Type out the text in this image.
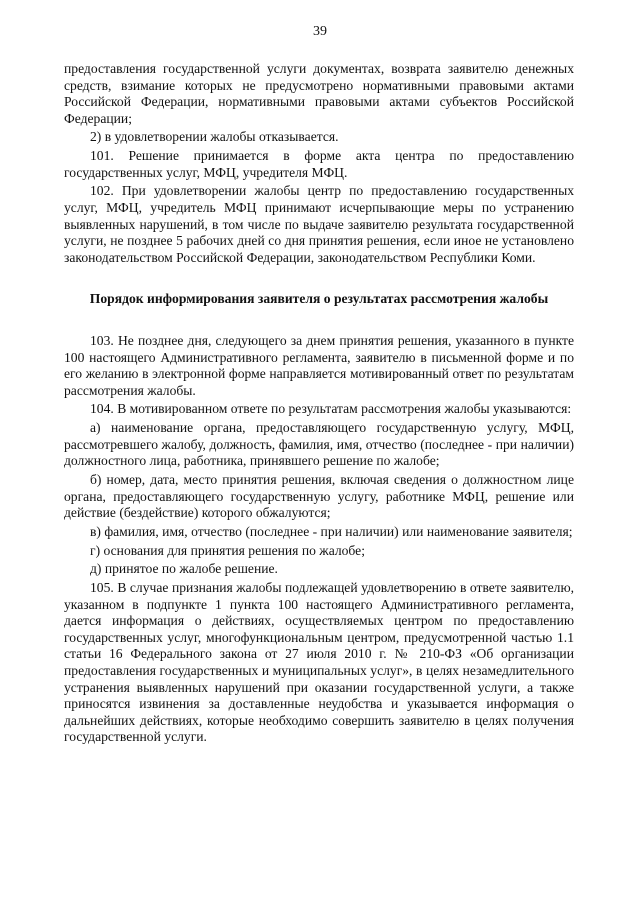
39

предоставления государственной услуги документах, возврата заявителю денежных средств, взимание которых не предусмотрено нормативными правовыми актами Российской Федерации, нормативными правовыми актами субъектов Российской Федерации;

2) в удовлетворении жалобы отказывается.

101. Решение принимается в форме акта центра по предоставлению государственных услуг, МФЦ, учредителя МФЦ.

102. При удовлетворении жалобы центр по предоставлению государственных услуг, МФЦ, учредитель МФЦ принимают исчерпывающие меры по устранению выявленных нарушений, в том числе по выдаче заявителю результата государственной услуги, не позднее 5 рабочих дней со дня принятия решения, если иное не установлено законодательством Российской Федерации, законодательством Республики Коми.

Порядок информирования заявителя о результатах рассмотрения жалобы

103. Не позднее дня, следующего за днем принятия решения, указанного в пункте 100 настоящего Административного регламента, заявителю в письменной форме и по его желанию в электронной форме направляется мотивированный ответ по результатам рассмотрения жалобы.

104. В мотивированном ответе по результатам рассмотрения жалобы указываются:

а) наименование органа, предоставляющего государственную услугу, МФЦ, рассмотревшего жалобу, должность, фамилия, имя, отчество (последнее - при наличии) должностного лица, работника, принявшего решение по жалобе;

б) номер, дата, место принятия решения, включая сведения о должностном лице органа, предоставляющего государственную услугу, работнике МФЦ, решение или действие (бездействие) которого обжалуются;

в) фамилия, имя, отчество (последнее - при наличии) или наименование заявителя;

г) основания для принятия решения по жалобе;

д) принятое по жалобе решение.

105. В случае признания жалобы подлежащей удовлетворению в ответе заявителю, указанном в подпункте 1 пункта 100 настоящего Административного регламента, дается информация о действиях, осуществляемых центром по предоставлению государственных услуг, многофункциональным центром, предусмотренной частью 1.1 статьи 16 Федерального закона от 27 июля 2010 г. № 210-ФЗ «Об организации предоставления государственных и муниципальных услуг», в целях незамедлительного устранения выявленных нарушений при оказании государственной услуги, а также приносятся извинения за доставленные неудобства и указывается информация о дальнейших действиях, которые необходимо совершить заявителю в целях получения государственной услуги.
